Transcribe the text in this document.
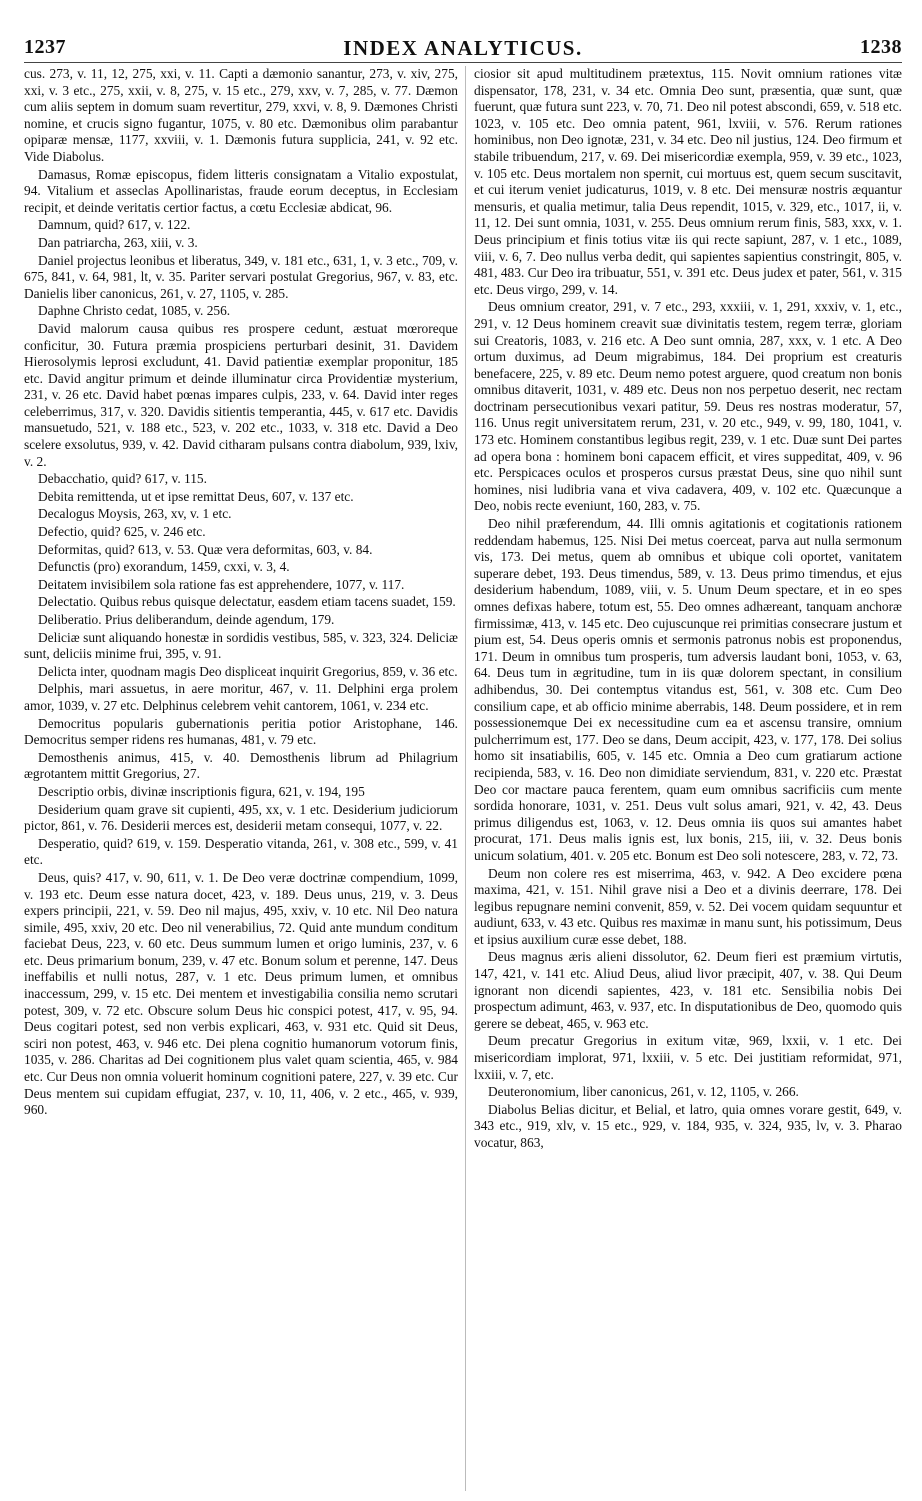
1237	INDEX ANALYTICUS.	1238

cus. 273, v. 11, 12, 275, xxi, v. 11. Capti a dæmonio sanantur, 273, v. xiv, 275, xxi, v. 3 etc., 275, xxii, v. 8, 275, v. 15 etc., 279, xxv, v. 7, 285, v. 77. Dæmon cum aliis septem in domum suam revertitur, 279, xxvi, v. 8, 9. Dæmones Christi nomine, et crucis signo fugantur, 1075, v. 80 etc. Dæmonibus olim parabantur opiparæ mensæ, 1177, xxviii, v. 1. Dæmonis futura supplicia, 241, v. 92 etc. Vide Diabolus.

Damasus, Romæ episcopus, fidem litteris consignatam a Vitalio expostulat, 94. Vitalium et asseclas Apollinaristas, fraude eorum deceptus, in Ecclesiam recipit, et deinde veritatis certior factus, a cœtu Ecclesiæ abdicat, 96.

Damnum, quid? 617, v. 122.

Dan patriarcha, 263, xiii, v. 3.

Daniel projectus leonibus et liberatus, 349, v. 181 etc., 631, 1, v. 3 etc., 709, v. 675, 841, v. 64, 981, lt, v. 35. Pariter servari postulat Gregorius, 967, v. 83, etc. Danielis liber canonicus, 261, v. 27, 1105, v. 285.

Daphne Christo cedat, 1085, v. 256.

David malorum causa quibus res prospere cedunt, æstuat mœroreque conficitur, 30. Futura præmia prospiciens perturbari desinit, 31. Davidem Hierosolymis leprosi excludunt, 41. David patientiæ exemplar proponitur, 185 etc. David angitur primum et deinde illuminatur circa Providentiæ mysterium, 231, v. 26 etc. David habet pœnas impares culpis, 233, v. 64. David inter reges celeberrimus, 317, v. 320. Davidis sitientis temperantia, 445, v. 617 etc. Davidis mansuetudo, 521, v. 188 etc., 523, v. 202 etc., 1033, v. 318 etc. David a Deo scelere exsolutus, 939, v. 42. David citharam pulsans contra diabolum, 939, lxiv, v. 2.

Debacchatio, quid? 617, v. 115.

Debita remittenda, ut et ipse remittat Deus, 607, v. 137 etc.

Decalogus Moysis, 263, xv, v. 1 etc.

Defectio, quid? 625, v. 246 etc.

Deformitas, quid? 613, v. 53. Quæ vera deformitas, 603, v. 84.

Defunctis (pro) exorandum, 1459, cxxi, v. 3, 4.

Deitatem invisibilem sola ratione fas est apprehendere, 1077, v. 117.

Delectatio. Quibus rebus quisque delectatur, easdem etiam tacens suadet, 159.

Deliberatio. Prius deliberandum, deinde agendum, 179.

Deliciæ sunt aliquando honestæ in sordidis vestibus, 585, v. 323, 324. Deliciæ sunt, deliciis minime frui, 395, v. 91.

Delicta inter, quodnam magis Deo displiceat inquirit Gregorius, 859, v. 36 etc.

Delphis, mari assuetus, in aere moritur, 467, v. 11. Delphini erga prolem amor, 1039, v. 27 etc. Delphinus celebrem vehit cantorem, 1061, v. 234 etc.

Democritus popularis gubernationis peritia potior Aristophane, 146. Democritus semper ridens res humanas, 481, v. 79 etc.

Demosthenis animus, 415, v. 40. Demosthenis librum ad Philagrium ægrotantem mittit Gregorius, 27.

Descriptio orbis, divinæ inscriptionis figura, 621, v. 194, 195

Desiderium quam grave sit cupienti, 495, xx, v. 1 etc. Desiderium judiciorum pictor, 861, v. 76. Desiderii merces est, desiderii metam consequi, 1077, v. 22.

Desperatio, quid? 619, v. 159. Desperatio vitanda, 261, v. 308 etc., 599, v. 41 etc.

Deus, quis? 417, v. 90, 611, v. 1. De Deo veræ doctrinæ compendium, 1099, v. 193 etc. Deum esse natura docet, 423, v. 189. Deus unus, 219, v. 3. Deus expers principii, 221, v. 59. Deo nil majus, 495, xxiv, v. 10 etc. Nil Deo natura simile, 495, xxiv, 20 etc. Deo nil venerabilius, 72. Quid ante mundum conditum faciebat Deus, 223, v. 60 etc. Deus summum lumen et origo luminis, 237, v. 6 etc. Deus primarium bonum, 239, v. 47 etc. Bonum solum et perenne, 147. Deus ineffabilis et nulli notus, 287, v. 1 etc. Deus primum lumen, et omnibus inaccessum, 299, v. 15 etc. Dei mentem et investigabilia consilia nemo scrutari potest, 309, v. 72 etc. Obscure solum Deus hic conspici potest, 417, v. 95, 94. Deus cogitari potest, sed non verbis explicari, 463, v. 931 etc. Quid sit Deus, sciri non potest, 463, v. 946 etc. Dei plena cognitio humanorum votorum finis, 1035, v. 286. Charitas ad Dei cognitionem plus valet quam scientia, 465, v. 984 etc. Cur Deus non omnia voluerit hominum cognitioni patere, 227, v. 39 etc. Cur Deus mentem sui cupidam effugiat, 237, v. 10, 11, 406, v. 2 etc., 465, v. 939, 960.

ciosior sit apud multitudinem prætextus, 115. Novit omnium rationes vitæ dispensator, 178, 231, v. 34 etc. Omnia Deo sunt, præsentia, quæ sunt, quæ fuerunt, quæ futura sunt 223, v. 70, 71. Deo nil potest abscondi, 659, v. 518 etc. 1023, v. 105 etc. Deo omnia patent, 961, lxviii, v. 576. Rerum rationes hominibus, non Deo ignotæ, 231, v. 34 etc. Deo nil justius, 124. Deo firmum et stabile tribuendum, 217, v. 69. Dei misericordiæ exempla, 959, v. 39 etc., 1023, v. 105 etc. Deus mortalem non spernit, cui mortuus est, quem secum suscitavit, et cui iterum veniet judicaturus, 1019, v. 8 etc. Dei mensuræ nostris æquantur mensuris, et qualia metimur, talia Deus rependit, 1015, v. 329, etc., 1017, ii, v. 11, 12. Dei sunt omnia, 1031, v. 255. Deus omnium rerum finis, 583, xxx, v. 1. Deus principium et finis totius vitæ iis qui recte sapiunt, 287, v. 1 etc., 1089, viii, v. 6, 7. Deo nullus verba dedit, qui sapientes sapientius constringit, 805, v. 481, 483. Cur Deo ira tribuatur, 551, v. 391 etc. Deus judex et pater, 561, v. 315 etc. Deus virgo, 299, v. 14.

Deus omnium creator, 291, v. 7 etc., 293, xxxiii, v. 1, 291, xxxiv, v. 1, etc., 291, v. 12 Deus hominem creavit suæ divinitatis testem, regem terræ, gloriam sui Creatoris, 1083, v. 216 etc. A Deo sunt omnia, 287, xxx, v. 1 etc. A Deo ortum duximus, ad Deum migrabimus, 184. Dei proprium est creaturis benefacere, 225, v. 89 etc. Deum nemo potest arguere, quod creatum non bonis omnibus ditaverit, 1031, v. 489 etc. Deus non nos perpetuo deserit, nec rectam doctrinam persecutionibus vexari patitur, 59. Deus res nostras moderatur, 57, 116. Unus regit universitatem rerum, 231, v. 20 etc., 949, v. 99, 180, 1041, v. 173 etc. Hominem constantibus legibus regit, 239, v. 1 etc. Duæ sunt Dei partes ad opera bona : hominem boni capacem efficit, et vires suppeditat, 409, v. 96 etc. Perspicaces oculos et prosperos cursus præstat Deus, sine quo nihil sunt homines, nisi ludibria vana et viva cadavera, 409, v. 102 etc. Quæcunque a Deo, nobis recte eveniunt, 160, 283, v. 75.

Deo nihil præferendum, 44. Illi omnis agitationis et cogitationis rationem reddendam habemus, 125. Nisi Dei metus coerceat, parva aut nulla sermonum vis, 173. Dei metus, quem ab omnibus et ubique coli oportet, vanitatem superare debet, 193. Deus timendus, 589, v. 13. Deus primo timendus, et ejus desiderium habendum, 1089, viii, v. 5. Unum Deum spectare, et in eo spes omnes defixas habere, totum est, 55. Deo omnes adhæreant, tanquam anchoræ firmissimæ, 413, v. 145 etc. Deo cujuscunque rei primitias consecrare justum et pium est, 54. Deus operis omnis et sermonis patronus nobis est proponendus, 171. Deum in omnibus tum prosperis, tum adversis laudant boni, 1053, v. 63, 64. Deus tum in ægritudine, tum in iis quæ dolorem spectant, in consilium adhibendus, 30. Dei contemptus vitandus est, 561, v. 308 etc. Cum Deo consilium cape, et ab officio minime aberrabis, 148. Deum possidere, et in rem possessionemque Dei ex necessitudine cum ea et ascensu transire, omnium pulcherrimum est, 177. Deo se dans, Deum accipit, 423, v. 177, 178. Dei solius homo sit insatiabilis, 605, v. 145 etc. Omnia a Deo cum gratiarum actione recipienda, 583, v. 16. Deo non dimidiate serviendum, 831, v. 220 etc. Præstat Deo cor mactare pauca ferentem, quam eum omnibus sacrificiis cum mente sordida honorare, 1031, v. 251. Deus vult solus amari, 921, v. 42, 43. Deus primus diligendus est, 1063, v. 12. Deus omnia iis quos sui amantes habet procurat, 171. Deus malis ignis est, lux bonis, 215, iii, v. 32. Deus bonis unicum solatium, 401. v. 205 etc. Bonum est Deo soli notescere, 283, v. 72, 73.

Deum non colere res est miserrima, 463, v. 942. A Deo excidere pœna maxima, 421, v. 151. Nihil grave nisi a Deo et a divinis deerrare, 178. Dei legibus repugnare nemini convenit, 859, v. 52. Dei vocem quidam sequuntur et audiunt, 633, v. 43 etc. Quibus res maximæ in manu sunt, his potissimum, Deus et ipsius auxilium curæ esse debet, 188.

Deus magnus æris alieni dissolutor, 62. Deum fieri est præmium virtutis, 147, 421, v. 141 etc. Aliud Deus, aliud livor præcipit, 407, v. 38. Qui Deum ignorant non dicendi sapientes, 423, v. 181 etc. Sensibilia nobis Dei prospectum adimunt, 463, v. 937, etc. In disputationibus de Deo, quomodo quis gerere se debeat, 465, v. 963 etc.

Deum precatur Gregorius in exitum vitæ, 969, lxxii, v. 1 etc. Dei misericordiam implorat, 971, lxxiii, v. 5 etc. Dei justitiam reformidat, 971, lxxiii, v. 7, etc.

Deuteronomium, liber canonicus, 261, v. 12, 1105, v. 266.

Diabolus Belias dicitur, et Belial, et latro, quia omnes vorare gestit, 649, v. 343 etc., 919, xlv, v. 15 etc., 929, v. 184, 935, v. 324, 935, lv, v. 3. Pharao vocatur, 863,
